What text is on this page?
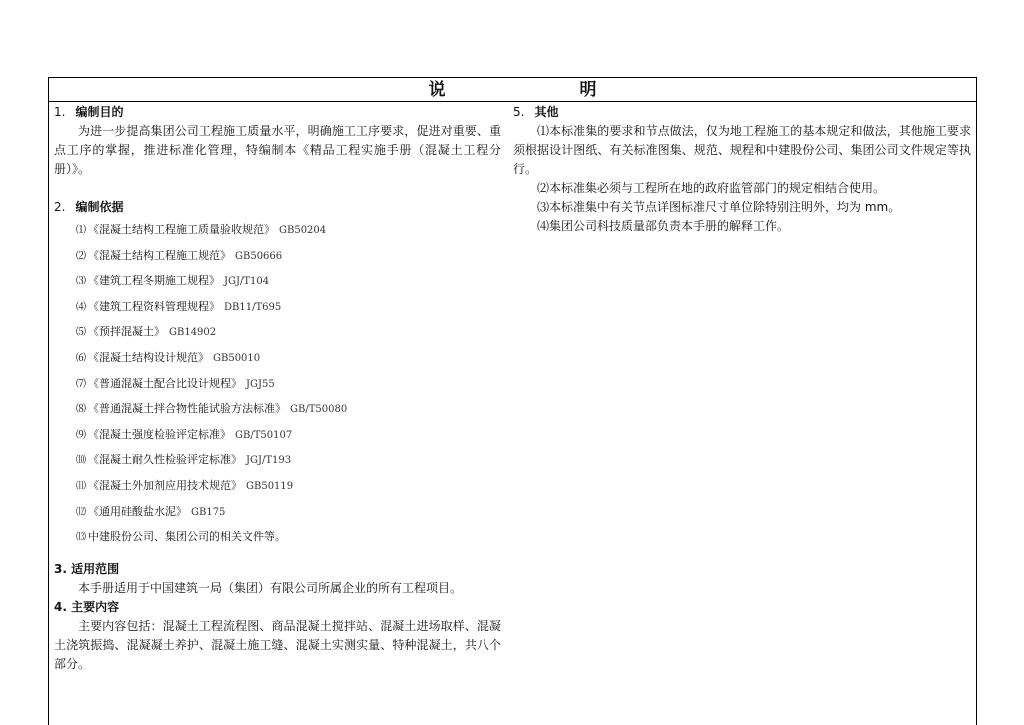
说 明
1. 编制目的

为进一步提高集团公司工程施工质量水平，明确施工工序要求，促进对重要、重点工序的掌握，推进标准化管理，特编制本《精品工程实施手册（混凝土工程分册）》。

2. 编制依据
⑴ 《混凝土结构工程施工质量验收规范》 GB50204
⑵ 《混凝土结构工程施工规范》 GB50666
⑶ 《建筑工程冬期施工规程》 JGJ/T104
⑷ 《建筑工程资料管理规程》 DB11/T695
⑸ 《预拌混凝土》 GB14902
⑹ 《混凝土结构设计规范》 GB50010
⑺ 《普通混凝土配合比设计规程》 JGJ55
⑻ 《普通混凝土拌合物性能试验方法标准》 GB/T50080
⑼ 《混凝土强度检验评定标准》 GB/T50107
⑽ 《混凝土耐久性检验评定标准》 JGJ/T193
⑾ 《混凝土外加剂应用技术规范》 GB50119
⑿ 《通用硅酸盐水泥》 GB175
⒀ 中建股份公司、集团公司的相关文件等。
3. 适用范围

本手册适用于中国建筑一局（集团）有限公司所属企业的所有工程项目。

4. 主要内容

主要内容包括：混凝土工程流程图、商品混凝土搅拌站、混凝土进场取样、混凝土浇筑振捣、混凝凝土养护、混凝土施工缝、混凝土实测实量、特种混凝土，共八个部分。

5. 其他

⑴本标准集的要求和节点做法，仅为地工程施工的基本规定和做法，其他施工要求须根据设计图纸、有关标准图集、规范、规程和中建股份公司、集团公司文件规定等执行。

⑵本标准集必须与工程所在地的政府监管部门的规定相结合使用。

⑶本标准集中有关节点详图标准尺寸单位除特别注明外，均为 mm。

⑷集团公司科技质量部负责本手册的解释工作。
